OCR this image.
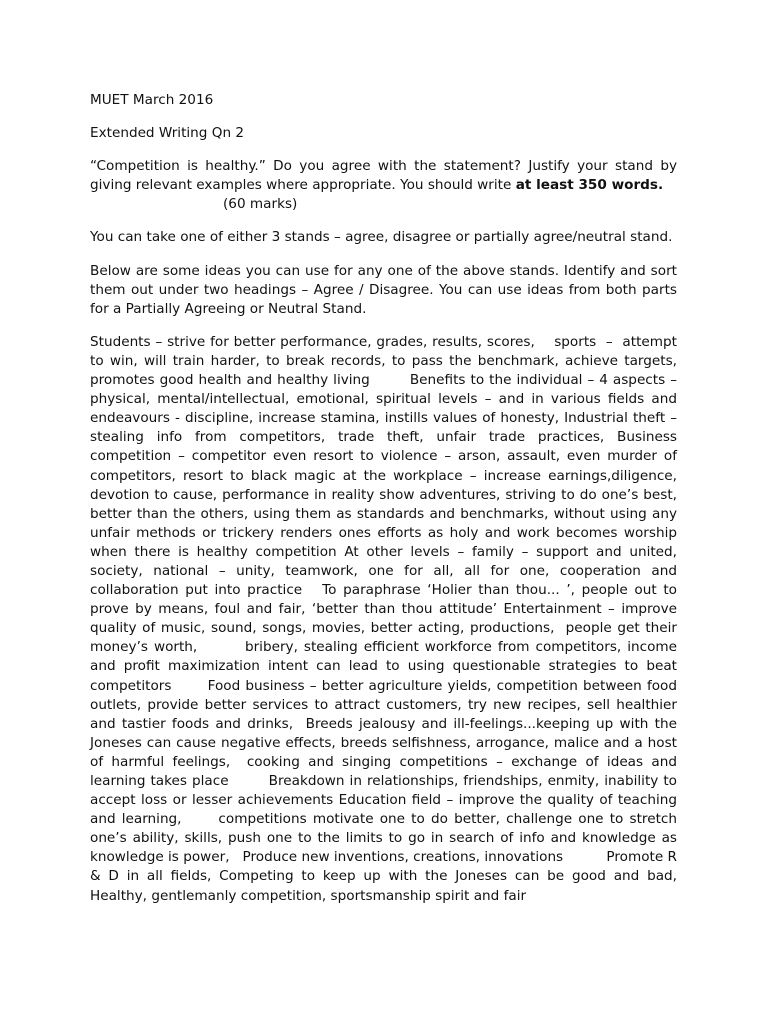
MUET March 2016

Extended Writing Qn 2

“Competition is healthy.” Do you agree with the statement? Justify your stand by giving relevant examples where appropriate. You should write at least 350 words.
(60 marks)

You can take one of either 3 stands – agree, disagree or partially agree/neutral stand.

Below are some ideas you can use for any one of the above stands. Identify and sort them out under two headings – Agree / Disagree. You can use ideas from both parts for a Partially Agreeing or Neutral Stand.

Students – strive for better performance, grades, results, scores,    sports  –  attempt to win, will train harder, to break records, to pass the benchmark, achieve targets, promotes good health and healthy living        Benefits to the individual – 4 aspects – physical, mental/intellectual, emotional, spiritual levels – and in various fields and endeavours - discipline, increase stamina, instills values of honesty, Industrial theft – stealing info from competitors, trade theft, unfair trade practices, Business competition – competitor even resort to violence – arson, assault, even murder of competitors, resort to black magic at the workplace – increase earnings,diligence, devotion to cause, performance in reality show adventures, striving to do one’s best, better than the others, using them as standards and benchmarks, without using any unfair methods or trickery renders ones efforts as holy and work becomes worship when there is healthy competition At other levels – family – support and united, society, national – unity, teamwork, one for all, all for one, cooperation and collaboration put into practice   To paraphrase ‘Holier than thou... ’, people out to prove by means, foul and fair, ‘better than thou attitude’ Entertainment – improve quality of music, sound, songs, movies, better acting, productions,  people get their money’s worth,        bribery, stealing efficient workforce from competitors, income and profit maximization intent can lead to using questionable strategies to beat competitors       Food business – better agriculture yields, competition between food outlets, provide better services to attract customers, try new recipes, sell healthier and tastier foods and drinks,  Breeds jealousy and ill-feelings...keeping up with the Joneses can cause negative effects, breeds selfishness, arrogance, malice and a host of harmful feelings,  cooking and singing competitions – exchange of ideas and learning takes place        Breakdown in relationships, friendships, enmity, inability to accept loss or lesser achievements Education field – improve the quality of teaching and learning,      competitions motivate one to do better, challenge one to stretch one’s ability, skills, push one to the limits to go in search of info and knowledge as knowledge is power,   Produce new inventions, creations, innovations          Promote R & D in all fields, Competing to keep up with the Joneses can be good and bad,        Healthy, gentlemanly competition, sportsmanship spirit and fair
